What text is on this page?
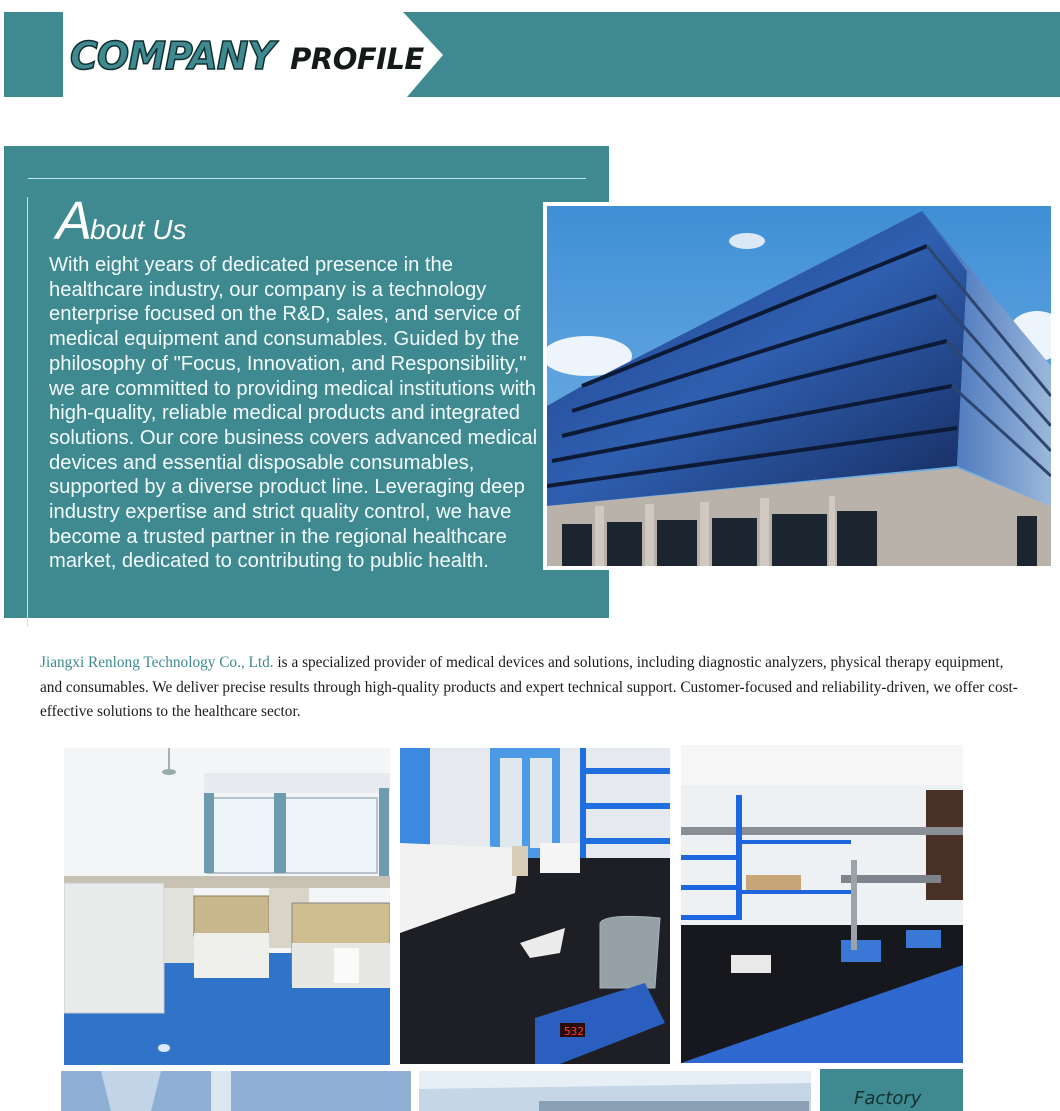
COMPANY PROFILE
About Us

With eight years of dedicated presence in the healthcare industry, our company is a technology enterprise focused on the R&D, sales, and service of medical equipment and consumables. Guided by the philosophy of "Focus, Innovation, and Responsibility," we are committed to providing medical institutions with high-quality, reliable medical products and integrated solutions. Our core business covers advanced medical devices and essential disposable consumables, supported by a diverse product line. Leveraging deep industry expertise and strict quality control, we have become a trusted partner in the regional healthcare market, dedicated to contributing to public health.

Jiangxi Renlong Technology Co., Ltd. is a specialized provider of medical devices and solutions, including diagnostic analyzers, physical therapy equipment, and consumables. We deliver precise results through high-quality products and expert technical support. Customer-focused and reliability-driven, we offer cost-effective solutions to the healthcare sector.

532
Factory
